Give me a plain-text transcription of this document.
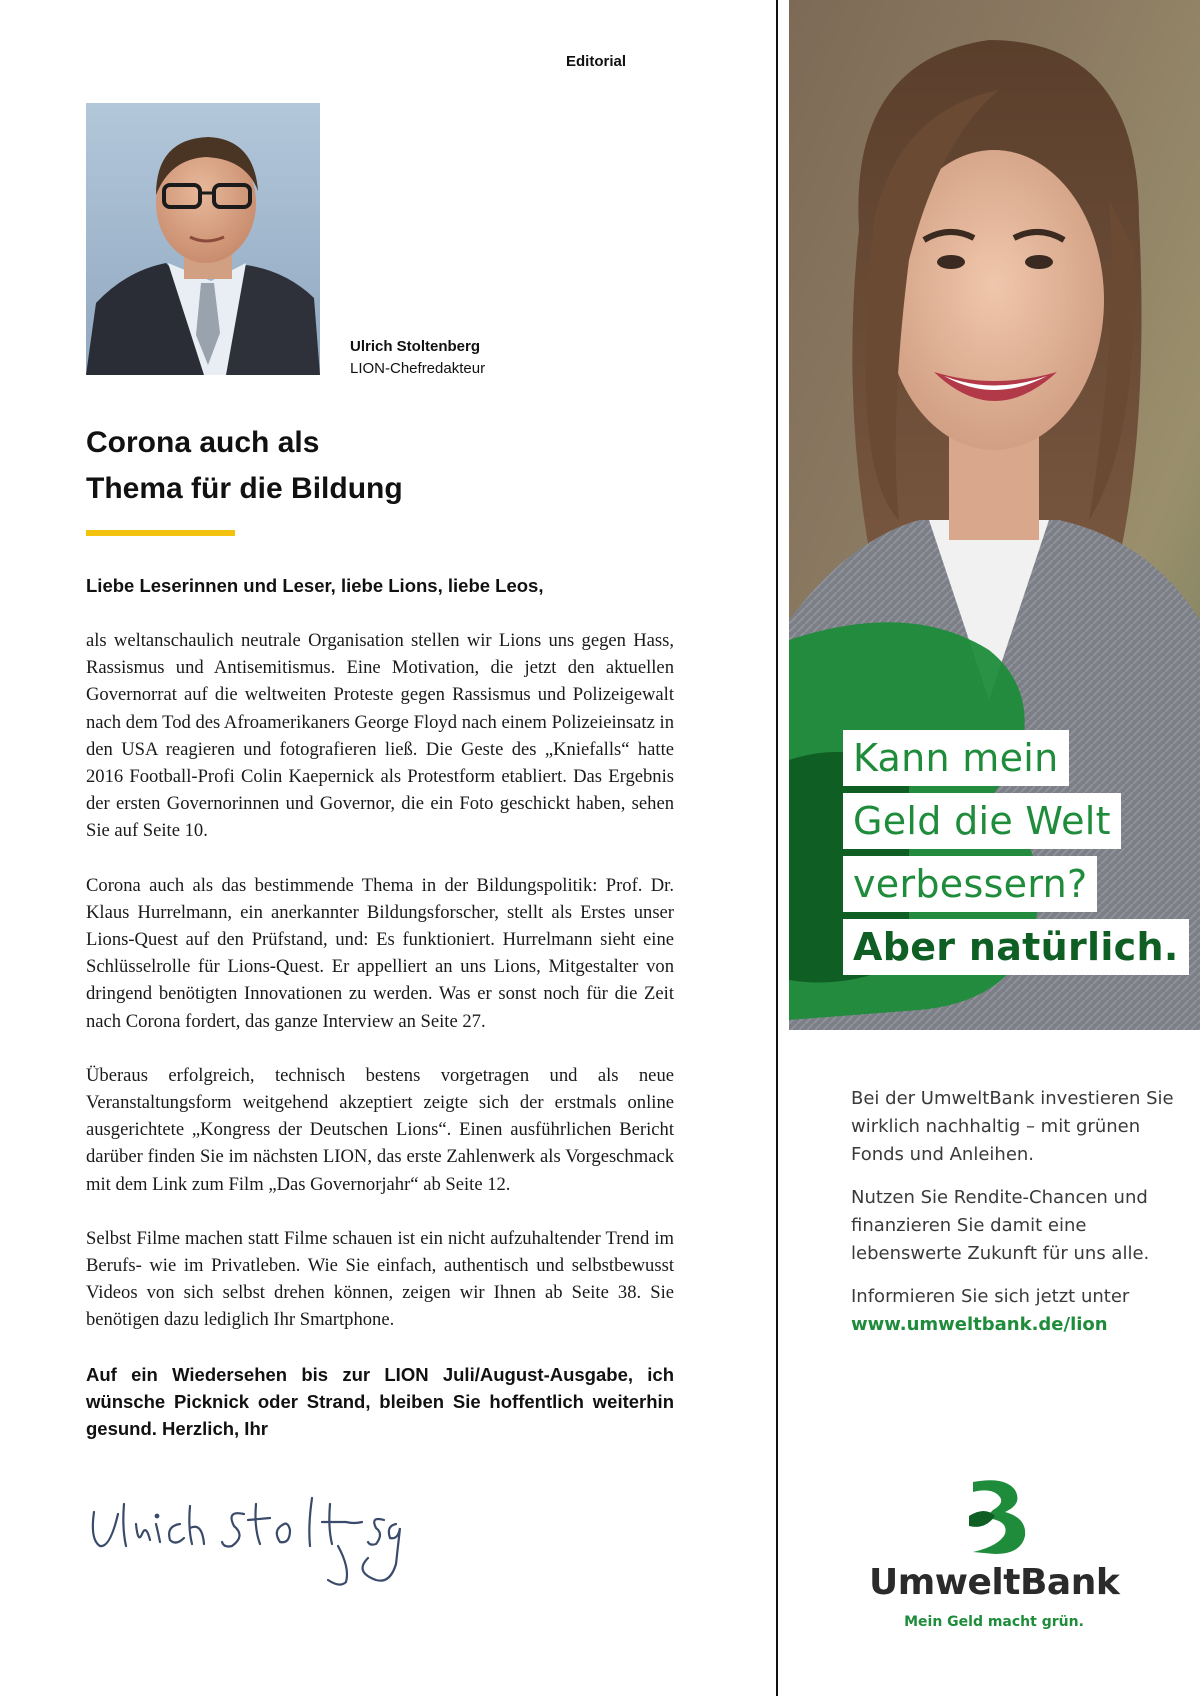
Editorial
Ulrich Stoltenberg
LION-Chefredakteur
Corona auch als
Thema für die Bildung
Liebe Leserinnen und Leser, liebe Lions, liebe Leos,

als weltanschaulich neutrale Organisation stellen wir Lions uns gegen Hass, Rassismus und Antisemitismus. Eine Motivation, die jetzt den aktuellen Governorrat auf die weltweiten Proteste gegen Rassismus und Polizeigewalt nach dem Tod des Afroamerikaners George Floyd nach einem Polizeieinsatz in den USA reagieren und fotografieren ließ. Die Geste des „Kniefalls“ hatte 2016 Football-Profi Colin Kaepernick als Protestform etabliert. Das Ergebnis der ersten Governorinnen und Governor, die ein Foto geschickt haben, sehen Sie auf Seite 10.

Corona auch als das bestimmende Thema in der Bildungspolitik: Prof. Dr. Klaus Hurrelmann, ein anerkannter Bildungsforscher, stellt als Erstes unser Lions-Quest auf den Prüfstand, und: Es funktioniert. Hurrelmann sieht eine Schlüsselrolle für Lions-Quest. Er appelliert an uns Lions, Mitgestalter von dringend benötigten Innovationen zu werden. Was er sonst noch für die Zeit nach Corona fordert, das ganze Interview an Seite 27.

Überaus erfolgreich, technisch bestens vorgetragen und als neue Veranstaltungsform weitgehend akzeptiert zeigte sich der erstmals online ausgerichtete „Kongress der Deutschen Lions“. Einen ausführlichen Bericht darüber finden Sie im nächsten LION, das erste Zahlenwerk als Vorgeschmack mit dem Link zum Film „Das Governorjahr“ ab Seite 12.

Selbst Filme machen statt Filme schauen ist ein nicht aufzuhaltender Trend im Berufs- wie im Privatleben. Wie Sie einfach, authentisch und selbstbewusst Videos von sich selbst drehen können, zeigen wir Ihnen ab Seite 38. Sie benötigen dazu lediglich Ihr Smartphone.

Auf ein Wiedersehen bis zur LION Juli/August-Ausgabe, ich wünsche Picknick oder Strand, bleiben Sie hoffentlich weiterhin gesund. Herzlich, Ihr
Kann mein
Geld die Welt
verbessern?
Aber natürlich.

Bei der UmweltBank investieren Sie wirklich nachhaltig – mit grünen Fonds und Anleihen.

Nutzen Sie Rendite-Chancen und finanzieren Sie damit eine lebenswerte Zukunft für uns alle.

Informieren Sie sich jetzt unter
www.umweltbank.de/lion

UmweltBank
Mein Geld macht grün.
